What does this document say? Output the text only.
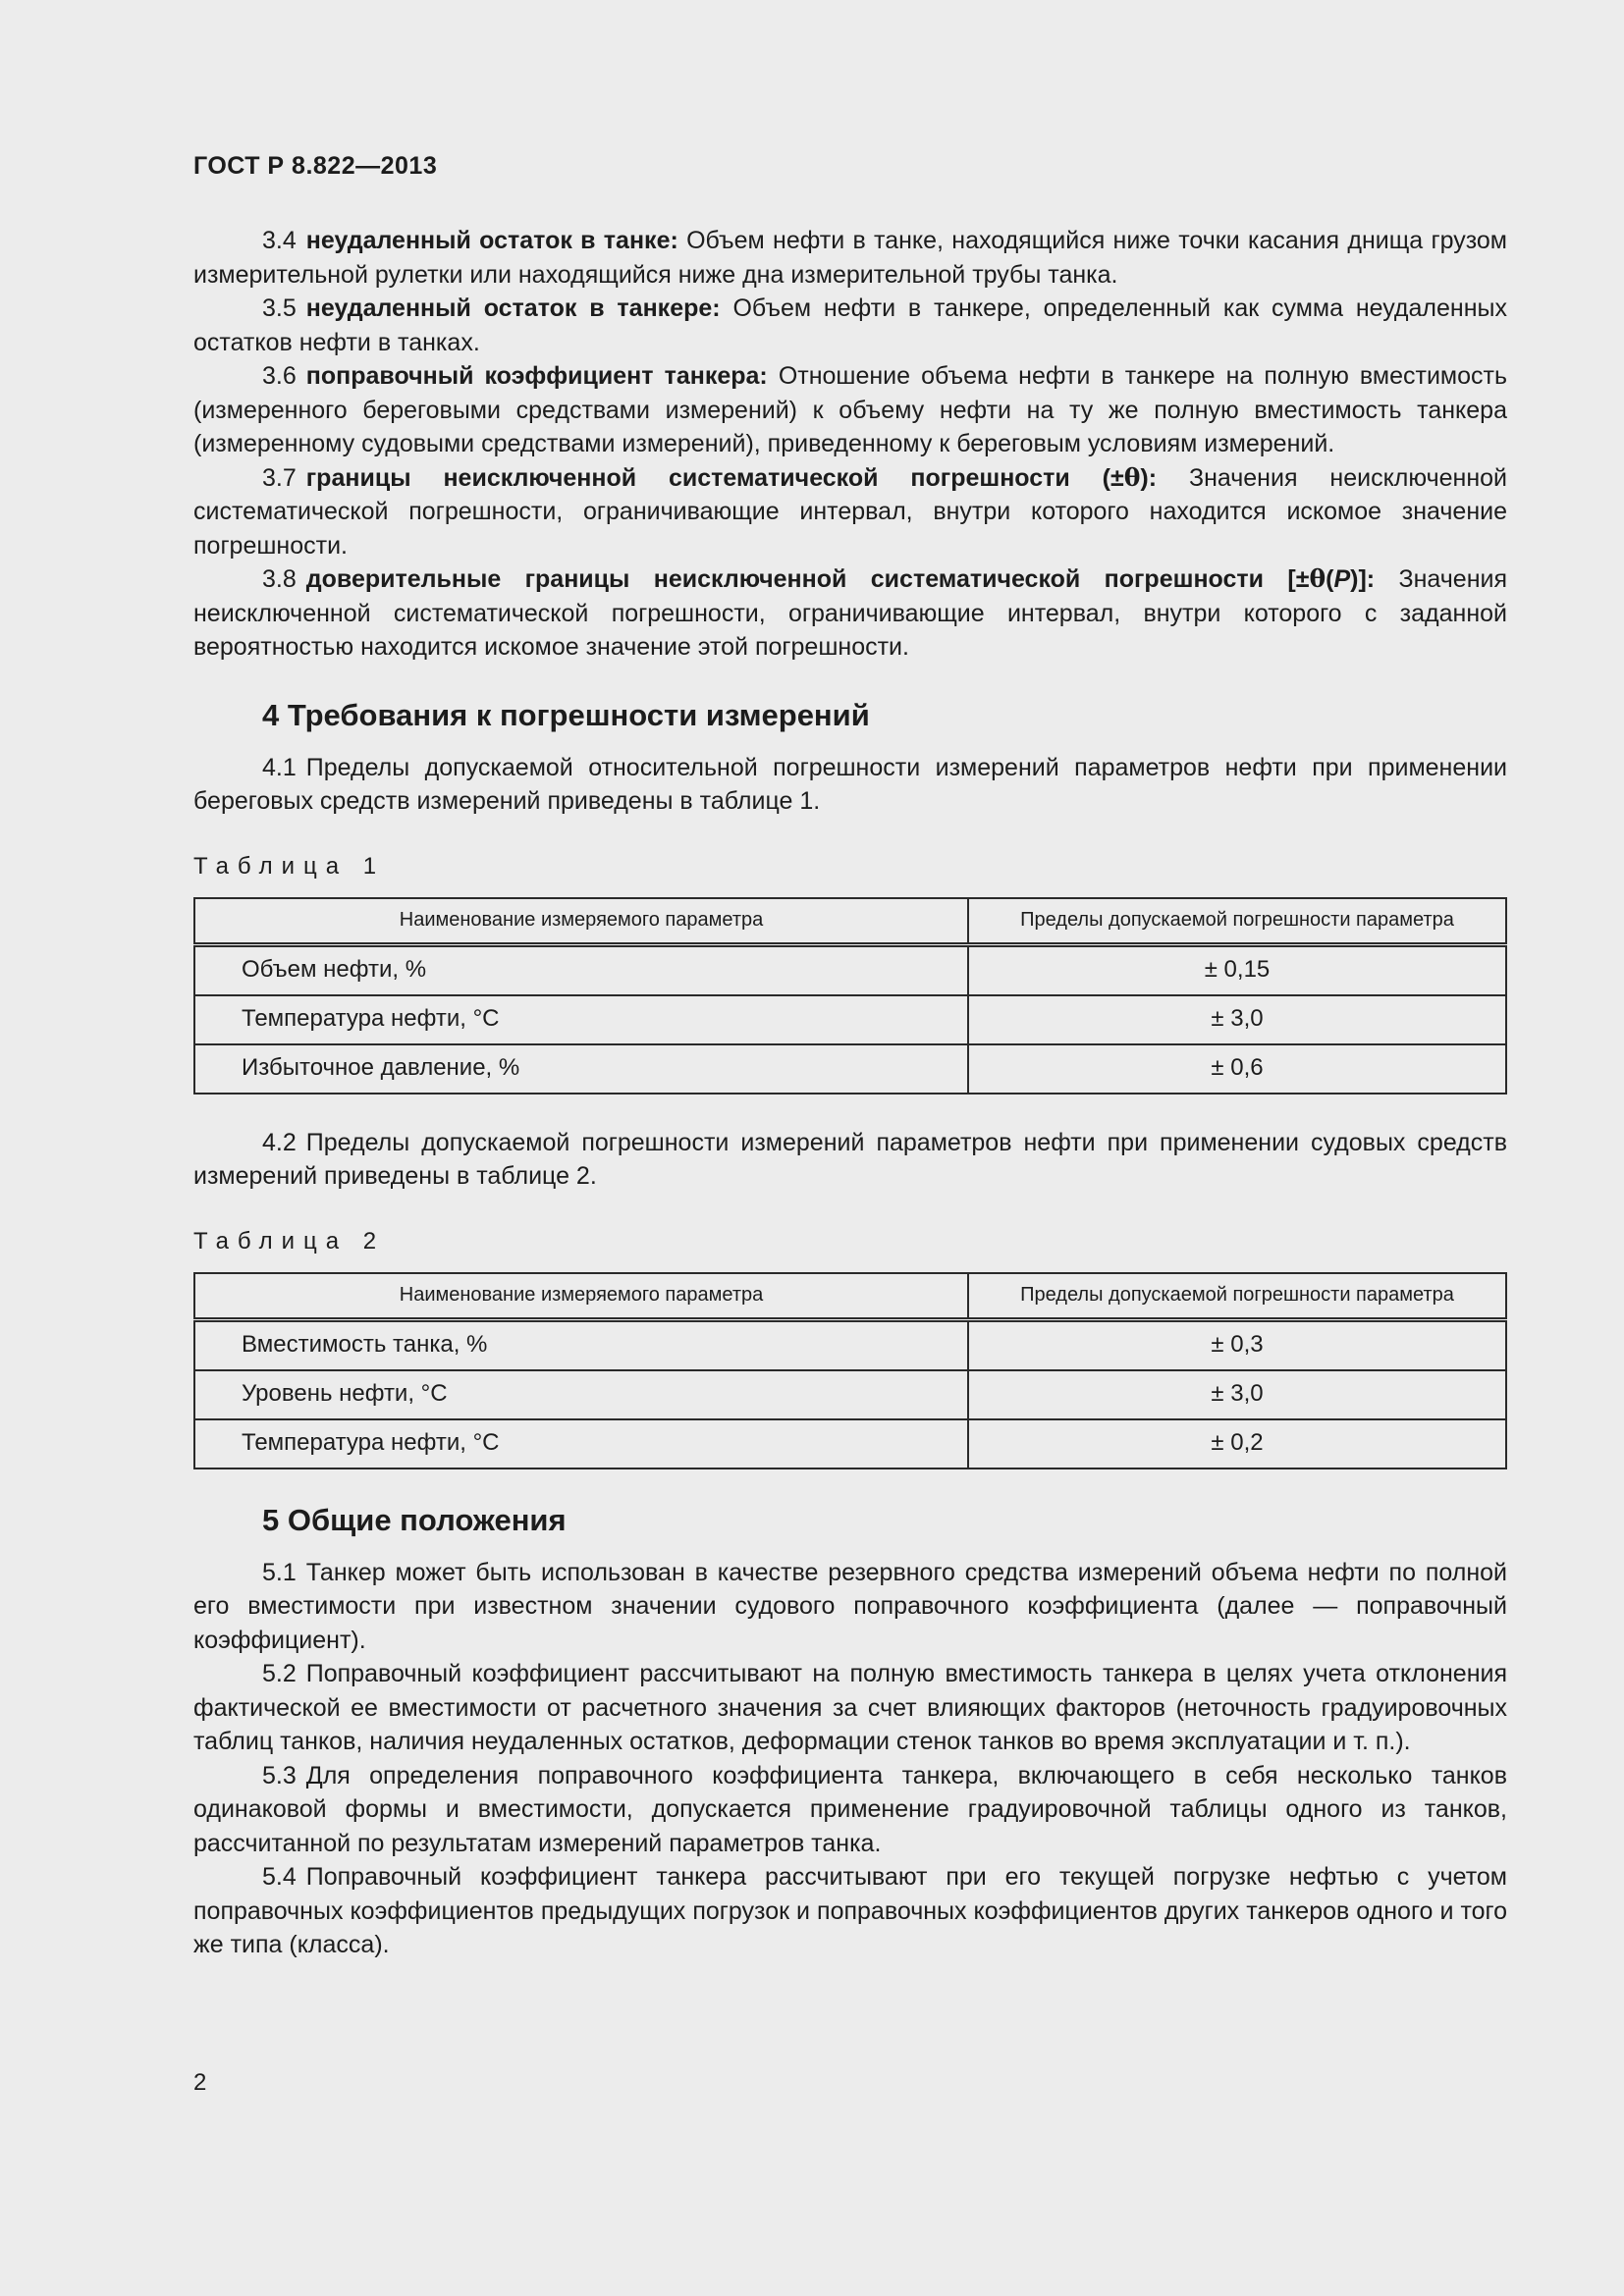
ГОСТ Р 8.822—2013

3.4 неудаленный остаток в танке: Объем нефти в танке, находящийся ниже точки касания днища грузом измерительной рулетки или находящийся ниже дна измерительной трубы танка.

3.5 неудаленный остаток в танкере: Объем нефти в танкере, определенный как сумма неудаленных остатков нефти в танках.

3.6 поправочный коэффициент танкера: Отношение объема нефти в танкере на полную вместимость (измеренного береговыми средствами измерений) к объему нефти на ту же полную вместимость танкера (измеренному судовыми средствами измерений), приведенному к береговым условиям измерений.

3.7 границы неисключенной систематической погрешности (±θ): Значения неисключенной систематической погрешности, ограничивающие интервал, внутри которого находится искомое значение погрешности.

3.8 доверительные границы неисключенной систематической погрешности [±θ(P)]: Значения неисключенной систематической погрешности, ограничивающие интервал, внутри которого с заданной вероятностью находится искомое значение этой погрешности.

4 Требования к погрешности измерений

4.1 Пределы допускаемой относительной погрешности измерений параметров нефти при применении береговых средств измерений приведены в таблице 1.

Таблица 1
Наименование измеряемого параметра	Пределы допускаемой погрешности параметра
Объем нефти, %	± 0,15
Температура нефти, °C	± 3,0
Избыточное давление, %	± 0,6

4.2 Пределы допускаемой погрешности измерений параметров нефти при применении судовых средств измерений приведены в таблице 2.

Таблица 2
Наименование измеряемого параметра	Пределы допускаемой погрешности параметра
Вместимость танка, %	± 0,3
Уровень нефти, °C	± 3,0
Температура нефти, °C	± 0,2
5 Общие положения

5.1 Танкер может быть использован в качестве резервного средства измерений объема нефти по полной его вместимости при известном значении судового поправочного коэффициента (далее — поправочный коэффициент).

5.2 Поправочный коэффициент рассчитывают на полную вместимость танкера в целях учета отклонения фактической ее вместимости от расчетного значения за счет влияющих факторов (неточность градуировочных таблиц танков, наличия неудаленных остатков, деформации стенок танков во время эксплуатации и т. п.).

5.3 Для определения поправочного коэффициента танкера, включающего в себя несколько танков одинаковой формы и вместимости, допускается применение градуировочной таблицы одного из танков, рассчитанной по результатам измерений параметров танка.

5.4 Поправочный коэффициент танкера рассчитывают при его текущей погрузке нефтью с учетом поправочных коэффициентов предыдущих погрузок и поправочных коэффициентов других танкеров одного и того же типа (класса).

2
